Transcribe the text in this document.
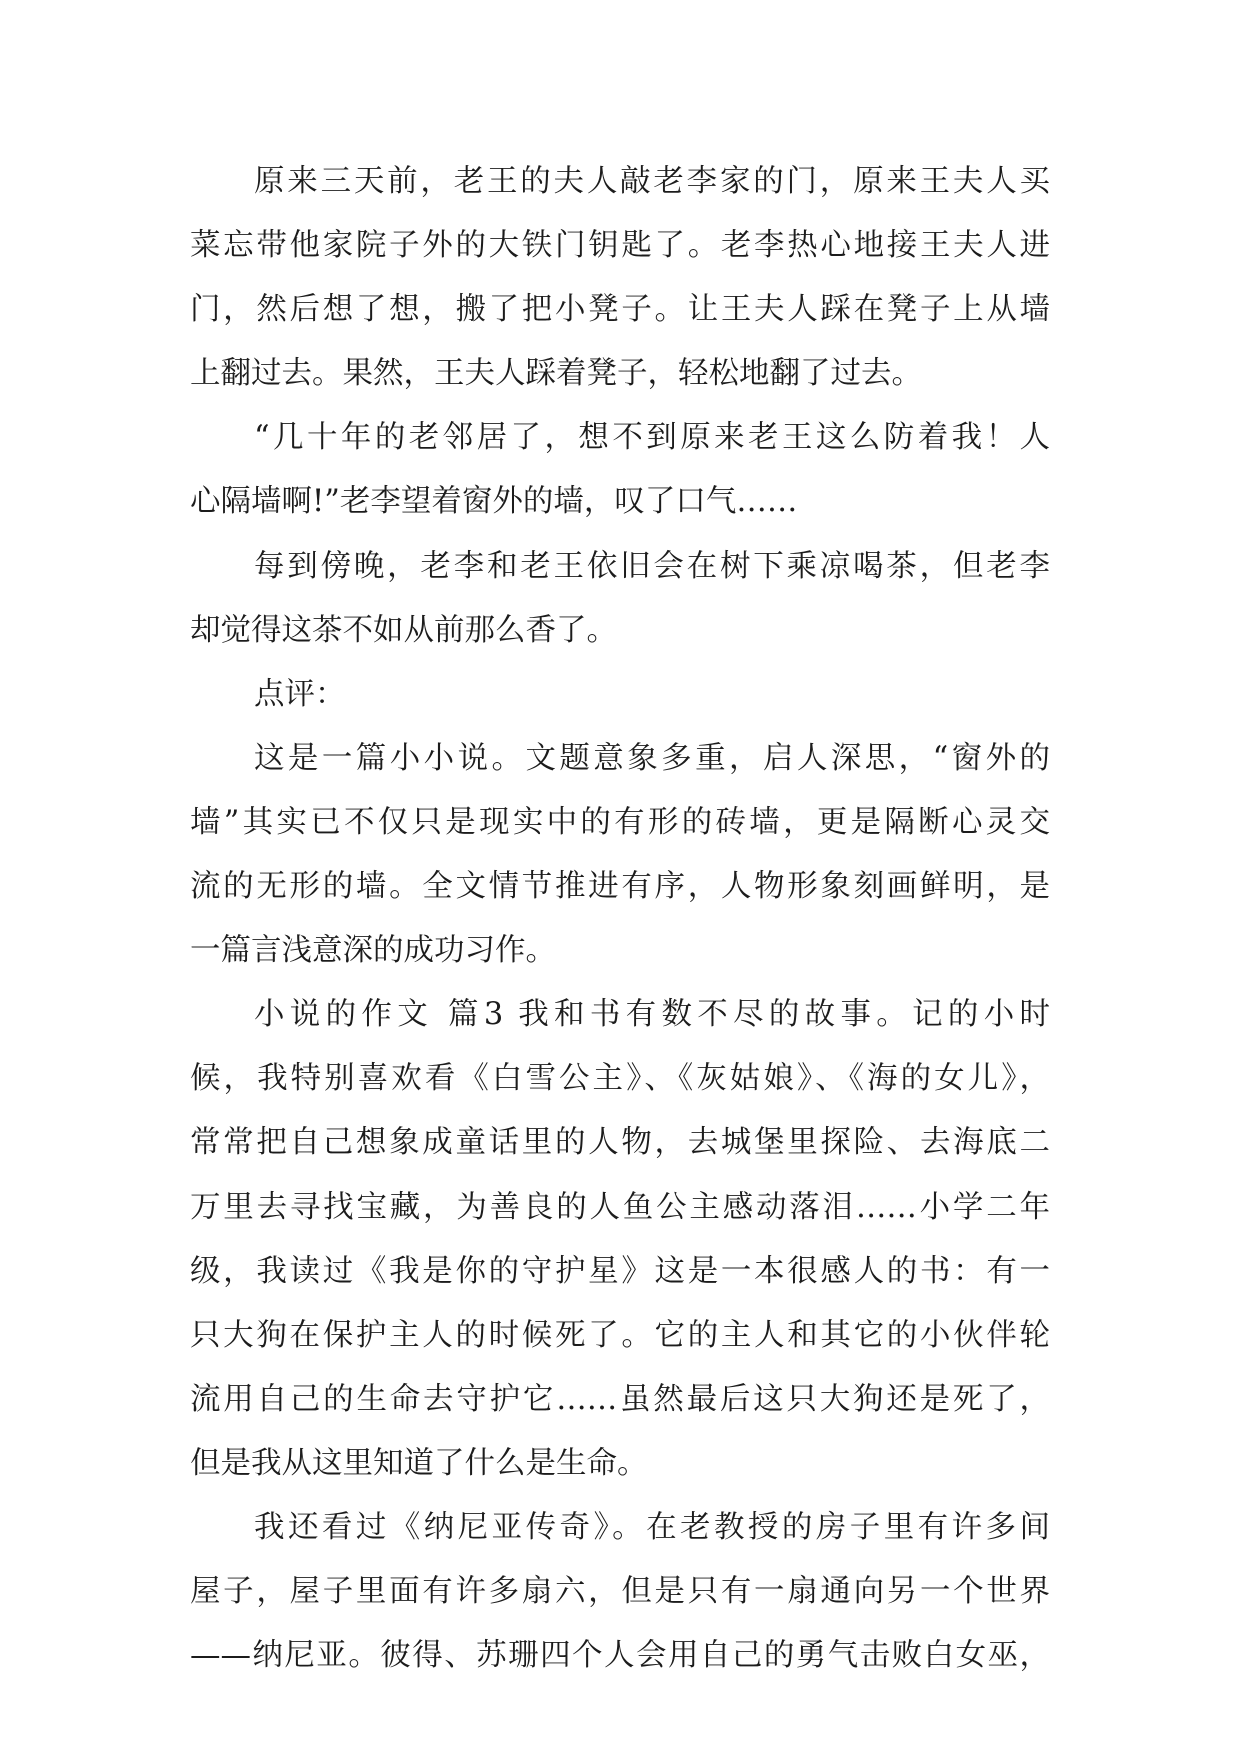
原来三天前，老王的夫人敲老李家的门，原来王夫人买
菜忘带他家院子外的大铁门钥匙了。老李热心地接王夫人进
门，然后想了想，搬了把小凳子。让王夫人踩在凳子上从墙
上翻过去。果然，王夫人踩着凳子，轻松地翻了过去。
“几十年的老邻居了，想不到原来老王这么防着我！人
心隔墙啊!”老李望着窗外的墙，叹了口气……
每到傍晚，老李和老王依旧会在树下乘凉喝茶，但老李
却觉得这茶不如从前那么香了。
点评：
这是一篇小小说。文题意象多重，启人深思，“窗外的
墙”其实已不仅只是现实中的有形的砖墙，更是隔断心灵交
流的无形的墙。全文情节推进有序，人物形象刻画鲜明，是
一篇言浅意深的成功习作。
小说的作文 篇3 我和书有数不尽的故事。记的小时
候，我特别喜欢看《白雪公主》、《灰姑娘》、《海的女儿》，
常常把自己想象成童话里的人物，去城堡里探险、去海底二
万里去寻找宝藏，为善良的人鱼公主感动落泪……小学二年
级，我读过《我是你的守护星》这是一本很感人的书：有一
只大狗在保护主人的时候死了。它的主人和其它的小伙伴轮
流用自己的生命去守护它……虽然最后这只大狗还是死了，
但是我从这里知道了什么是生命。
我还看过《纳尼亚传奇》。在老教授的房子里有许多间
屋子，屋子里面有许多扇六，但是只有一扇通向另一个世界
——纳尼亚。彼得、苏珊四个人会用自己的勇气击败白女巫，
